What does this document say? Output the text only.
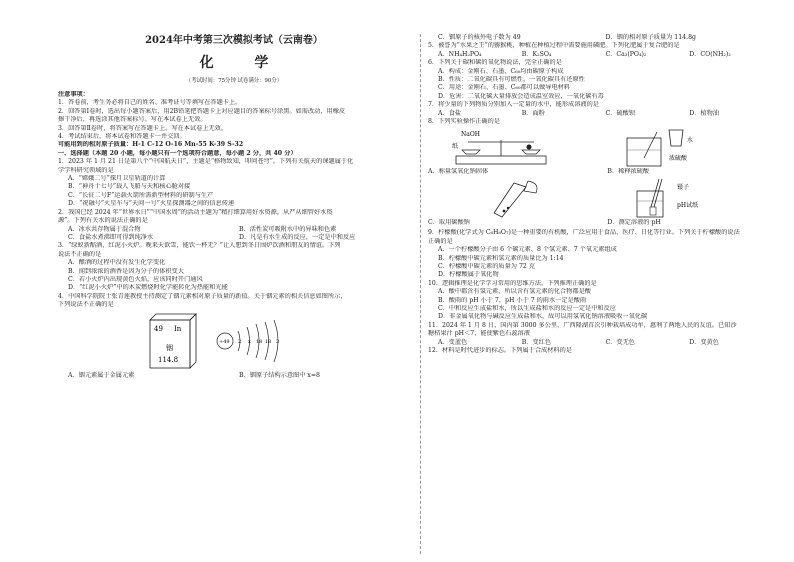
2024年中考第三次模拟考试（云南卷）
化 学
（考试时间：75分钟 试卷满分：90分）
注意事项：
1．答卷前，考生务必将自己的姓名、准考证号等填写在答题卡上。
2．回答第Ⅰ卷时，选出每小题答案后，用2B铅笔把答题卡上对应题目的答案标号涂黑。如需改动，用橡皮
擦干净后，再选涂其他答案标号。写在本试卷上无效。
3．回答第Ⅱ卷时，将答案写在答题卡上。写在本试卷上无效。
4．考试结束后，将本试卷和答题卡一并交回。
可能用到的相对原子质量：H-1 C-12 O-16 Mn-55 K-39 S-32
一、选择题（本题 20 小题，每小题只有一个选项符合题意，每小题 2 分，共 40 分）
1．2023 年 1 月 21 日是第八个“中国航天日”，主题是“格物致知，叩问苍穹”。下列有关航天的课题属于化
学学科研究领域的是
A．“嫦娥二号”探月卫星轨道的计算
B．“神舟十七号”载人飞船与天和核心舱对接
C．“长征二号F”运载火箭所需新型材料的研制与生产
D．“祝融号”火星车与“天问一号”火星探测器之间的信息传递
2．我国已经 2024 年“世界水日”“中国水周”的活动主题为“精打细算用好水资源，从严从细管好水资
源”。下列有关水的说法正确的是
A．冰水共存物属于混合物	B．活性炭可吸附水中的异味和色素
C．食盐水煮沸即可得到纯净水	D．凡是有水生成的反应，一定是中和反应
3．“绿蚁新醅酒，红泥小火炉。晚来天欲雪，能饮一杯无？”让人想到冬日围炉饮酒和朋友的情谊。下列
说法不正确的是
A．酿酒的过程中没有发生化学变化
B．闻到浓浓的酒香是因为分子的体积变大
C．若小火炉内出现黄色火焰，应该同时开门通风
D．“红泥小火炉”中的木炭燃烧时化学能转化为热能和光能
4．中国科学院院士张青莲教授主持测定了铟元素相对原子质量的新值。关于铟元素的相关信息如图所示，
下列说法不正确的是
49 In
铟
114.8
+49 2 x 18 18 3
A．铟元素属于金属元素	B．铟原子结构示意图中 x=8
C．铟原子的核外电子数为 49	D．铟的相对原子质量为 114.8g
5．被誉为“水果之王”的猕猴桃，种植在种植过程中需要施用磷肥。下列化肥属于复合肥的是
A．NH₄H₂PO₄	B．K₂SO₄	C．Ca₃(PO₄)₂	D．CO(NH₂)₂
6．下列关于碳和碳的氧化物说法，完全正确的是
A．构成：金刚石、石墨、C₆₀均由碳原子构成
B．性质：二氧化碳具有可燃性，一氧化碳具有还原性
C．用途：金刚石、石墨、C₆₀都可以做导电材料
D．危害：二氧化碳大量排放会造成温室效应，一氧化碳有毒
7．将少量的下列物质分别加入一定量的水中，能形成溶液的是
A．食盐	B．面粉	C．硫酸钡	D．植物油
8．下列实验操作正确的是
NaOH
纸
A．称量氢氧化钠固体
水
浓硫酸
B．稀释浓硫酸
C．取用碳酸钠
镊子
pH试纸
D．测定溶液的 pH
9．柠檬酸(化学式为 C₆H₈O₇)是一种重要的有机酸，广泛应用于食品、医疗、日化等行业。下列关于柠檬酸的说法
正确的是
A．一个柠檬酸分子由 6 个碳元素、8 个氢元素、7 个氧元素组成
B．柠檬酸中碳元素和氢元素的质量比为 1:14
C．柠檬酸中碳元素的质量为 72 克
D．柠檬酸属于氧化物
10．逻辑推理是化学学习常用的思维方法，下列推理正确的是
A．酸中都含有氢元素，所以含有氢元素的化合物都是酸
B．酸雨的 pH 小于 7，pH 小于 7 的雨水一定是酸雨
C．中和反应生成盐和水，所以生成盐和水的反应一定是中和反应
D．非金属氧化物与碱反应生成盐和水，故可以用氢氧化钠溶液吸收一氧化碳
11．2024 年 1 月 8 日，国内第 3000 多公里，广西隆湖首次引种栽培成功牟，惠利了两地人民的友谊。已知沙
糖桔果汁 pH＜7，能使紫色石蕊溶液
A．变蓝色	B．变红色	C．变无色	D．变黄色
12．材料是时代进步的标志。下列属于合成材料的是
